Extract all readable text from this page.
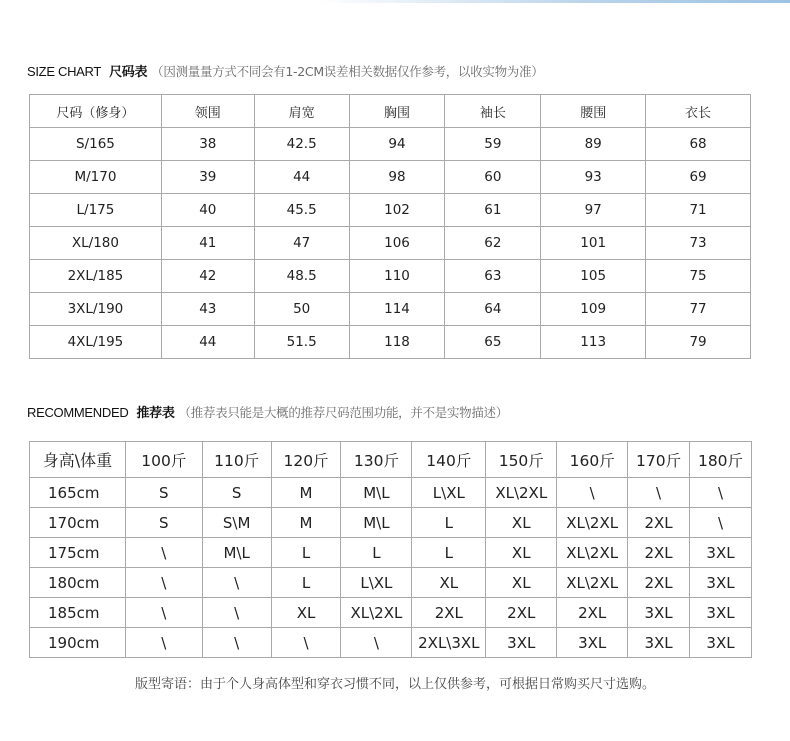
SIZE CHART 尺码表 （因测量量方式不同会有1-2CM误差相关数据仅作参考，以收实物为准）
尺码（修身）	领围	肩宽	胸围	袖长	腰围	衣长
S/165	38	42.5	94	59	89	68
M/170	39	44	98	60	93	69
L/175	40	45.5	102	61	97	71
XL/180	41	47	106	62	101	73
2XL/185	42	48.5	110	63	105	75
3XL/190	43	50	114	64	109	77
4XL/195	44	51.5	118	65	113	79
RECOMMENDED 推荐表 （推荐表只能是大概的推荐尺码范围功能，并不是实物描述）
身高\体重	100斤	110斤	120斤	130斤	140斤	150斤	160斤	170斤	180斤
165cm	S	S	M	M\L	L\XL	XL\2XL	\	\	\
170cm	S	S\M	M	M\L	L	XL	XL\2XL	2XL	\
175cm	\	M\L	L	L	L	XL	XL\2XL	2XL	3XL
180cm	\	\	L	L\XL	XL	XL	XL\2XL	2XL	3XL
185cm	\	\	XL	XL\2XL	2XL	2XL	2XL	3XL	3XL
190cm	\	\	\	\	2XL\3XL	3XL	3XL	3XL	3XL
版型寄语：由于个人身高体型和穿衣习惯不同，以上仅供参考，可根据日常购买尺寸选购。
